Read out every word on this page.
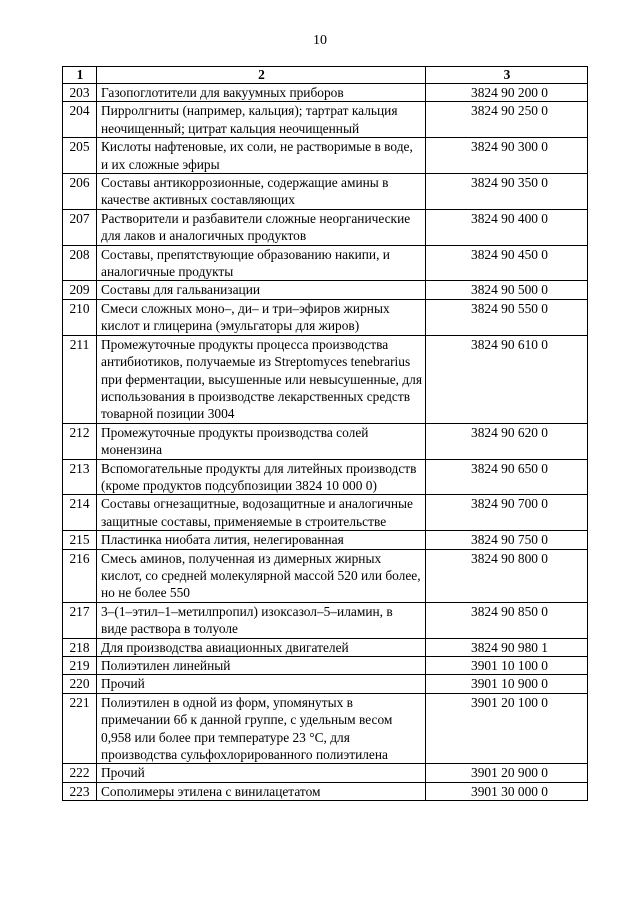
10
1	2	3
203	Газопоглотители для вакуумных приборов	3824 90 200 0
204	Пирролгниты (например, кальция); тартрат кальция неочищенный; цитрат кальция неочищенный	3824 90 250 0
205	Кислоты нафтеновые, их соли, не растворимые в воде, и их сложные эфиры	3824 90 300 0
206	Составы антикоррозионные, содержащие амины в качестве активных составляющих	3824 90 350 0
207	Растворители и разбавители сложные неорганические для лаков и аналогичных продуктов	3824 90 400 0
208	Составы, препятствующие образованию накипи, и аналогичные продукты	3824 90 450 0
209	Составы для гальванизации	3824 90 500 0
210	Смеси сложных моно–, ди– и три–эфиров жирных кислот и глицерина (эмульгаторы для жиров)	3824 90 550 0
211	Промежуточные продукты процесса производства антибиотиков, получаемые из Streptomyces tenebrarius при ферментации, высушенные или невысушенные, для использования в производстве лекарственных средств товарной позиции 3004	3824 90 610 0
212	Промежуточные продукты производства солей монензина	3824 90 620 0
213	Вспомогательные продукты для литейных производств (кроме продуктов подсубпозиции 3824 10 000 0)	3824 90 650 0
214	Составы огнезащитные, водозащитные и аналогичные защитные составы, применяемые в строительстве	3824 90 700 0
215	Пластинка ниобата лития, нелегированная	3824 90 750 0
216	Смесь аминов, полученная из димерных жирных кислот, со средней молекулярной массой 520 или более, но не более 550	3824 90 800 0
217	3–(1–этил–1–метилпропил) изоксазол–5–иламин, в виде раствора в толуоле	3824 90 850 0
218	Для производства авиационных двигателей	3824 90 980 1
219	Полиэтилен линейный	3901 10 100 0
220	Прочий	3901 10 900 0
221	Полиэтилен в одной из форм, упомянутых в примечании 6б к данной группе, с удельным весом 0,958 или более при температуре 23 °C, для производства сульфохлорированного полиэтилена	3901 20 100 0
222	Прочий	3901 20 900 0
223	Сополимеры этилена с винилацетатом	3901 30 000 0
